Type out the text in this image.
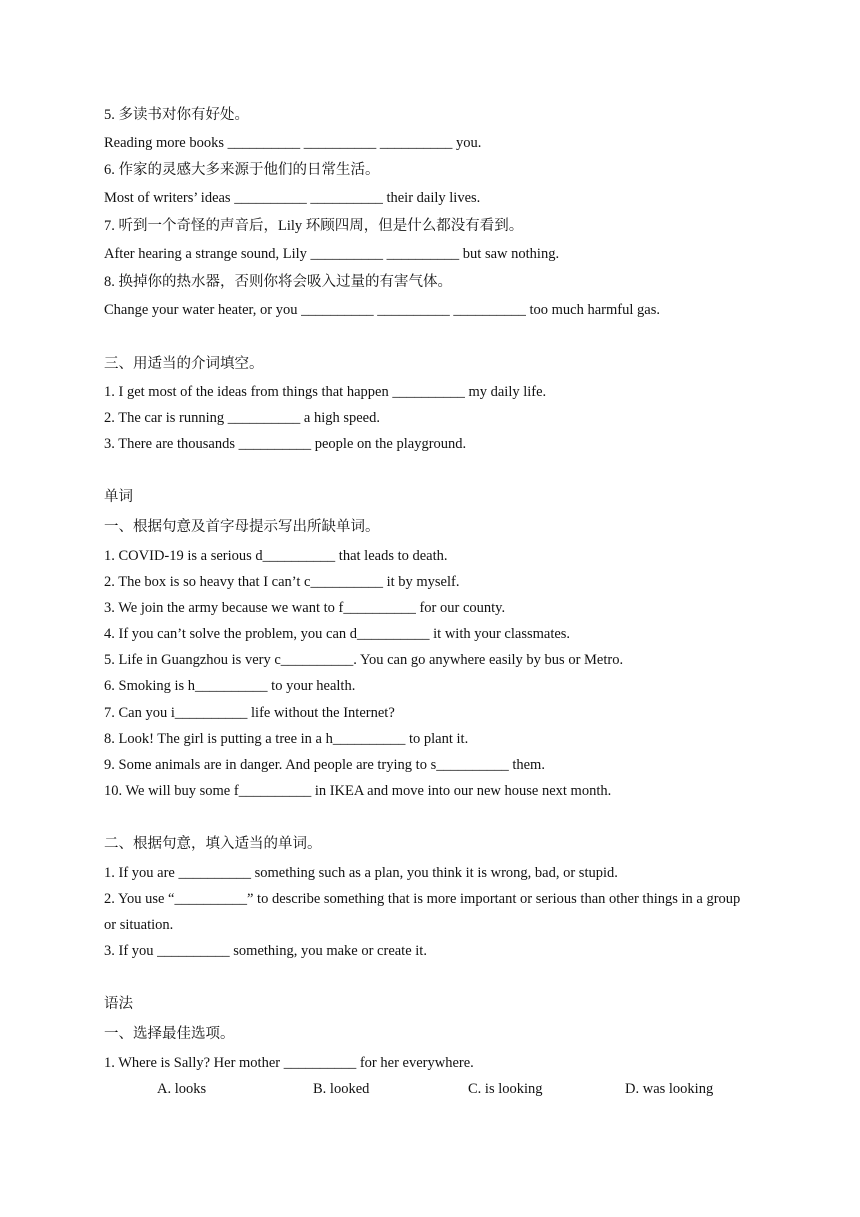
5. 多读书对你有好处。
Reading more books __________ __________ __________ you.
6. 作家的灵感大多来源于他们的日常生活。
Most of writers’ ideas __________ __________ their daily lives.
7. 听到一个奇怪的声音后，Lily 环顾四周，但是什么都没有看到。
After hearing a strange sound, Lily __________ __________ but saw nothing.
8. 换掉你的热水器，否则你将会吸入过量的有害气体。
Change your water heater, or you __________ __________ __________ too much harmful gas.
三、用适当的介词填空。
1. I get most of the ideas from things that happen __________ my daily life.
2. The car is running __________ a high speed.
3. There are thousands __________ people on the playground.
单词
一、根据句意及首字母提示写出所缺单词。
1. COVID-19 is a serious d__________ that leads to death.
2. The box is so heavy that I can’t c__________ it by myself.
3. We join the army because we want to f__________ for our county.
4. If you can’t solve the problem, you can d__________ it with your classmates.
5. Life in Guangzhou is very c__________. You can go anywhere easily by bus or Metro.
6. Smoking is h__________ to your health.
7. Can you i__________ life without the Internet?
8. Look! The girl is putting a tree in a h__________ to plant it.
9. Some animals are in danger. And people are trying to s__________ them.
10. We will buy some f__________ in IKEA and move into our new house next month.
二、根据句意，填入适当的单词。
1. If you are __________ something such as a plan, you think it is wrong, bad, or stupid.
2. You use “__________” to describe something that is more important or serious than other things in a group or situation.
3. If you __________ something, you make or create it.
语法
一、选择最佳选项。
1. Where is Sally? Her mother __________ for her everywhere.
A. looks	B. looked	C. is looking	D. was looking
